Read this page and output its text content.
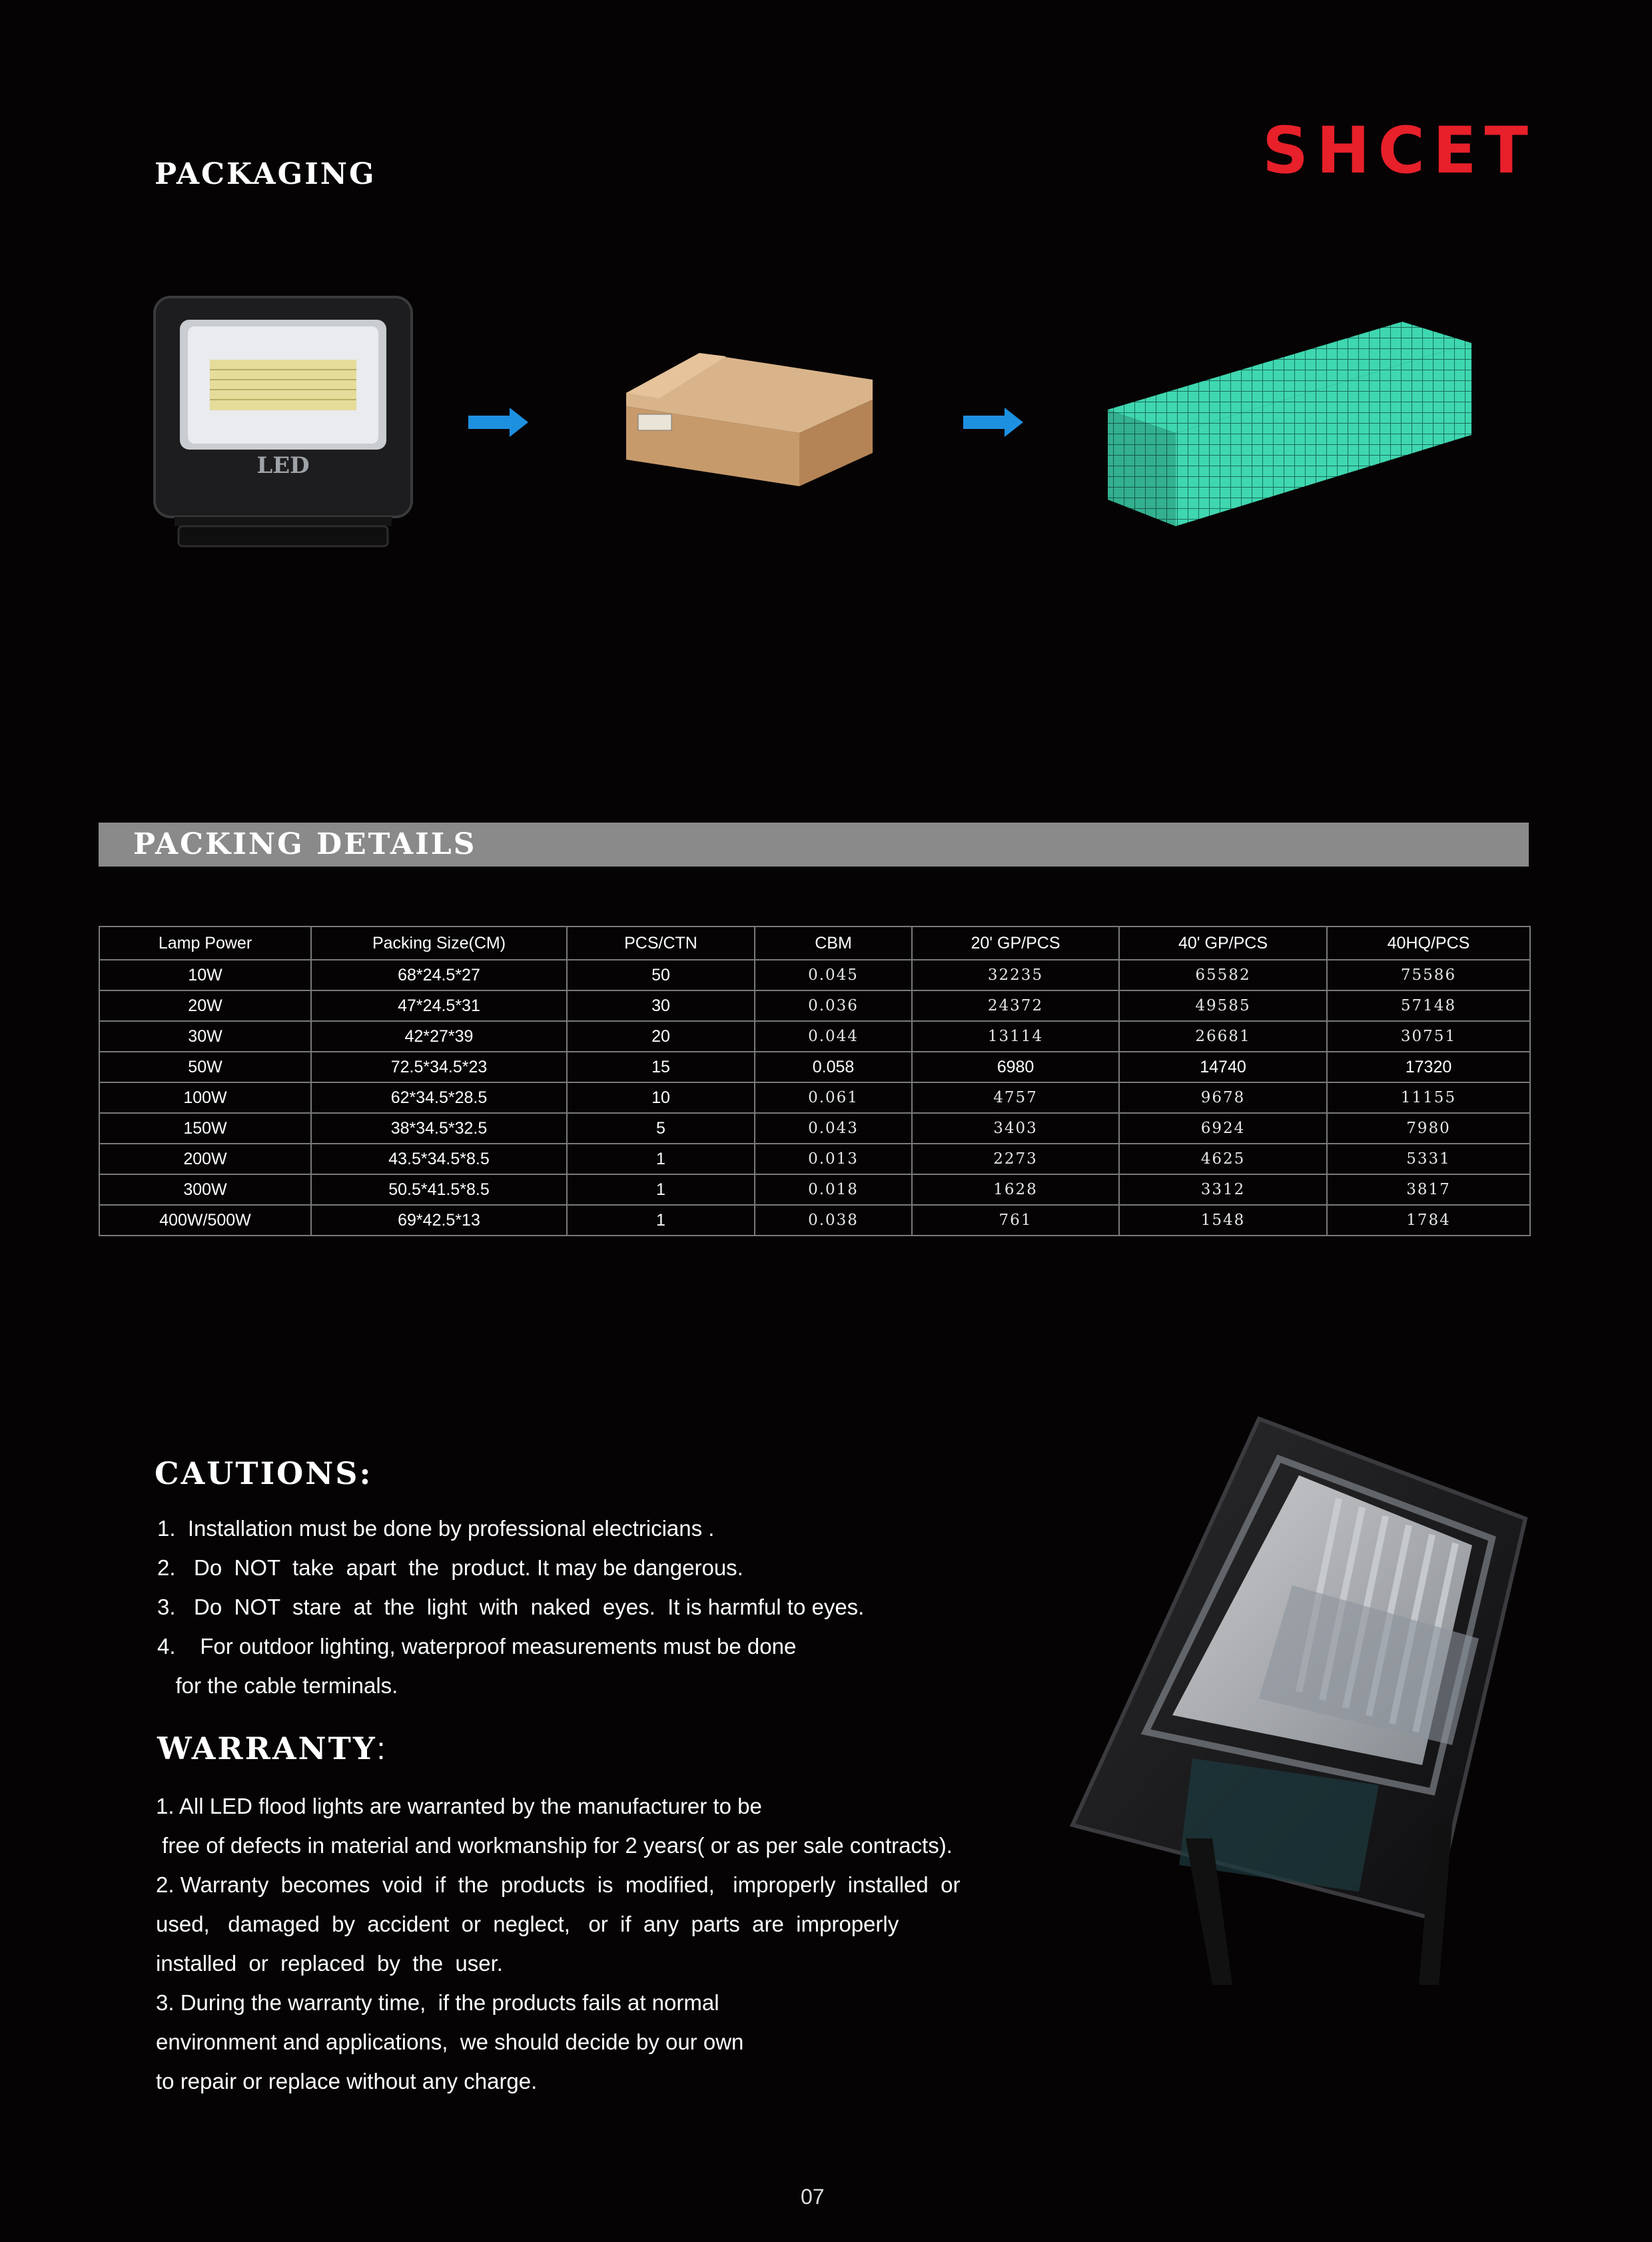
SHCET
PACKAGING
LED
PACKING DETAILS
Lamp Power	Packing Size(CM)	PCS/CTN	CBM	20' GP/PCS	40' GP/PCS	40HQ/PCS
10W	68*24.5*27	50	0.045	32235	65582	75586
20W	47*24.5*31	30	0.036	24372	49585	57148
30W	42*27*39	20	0.044	13114	26681	30751
50W	72.5*34.5*23	15	0.058	6980	14740	17320
100W	62*34.5*28.5	10	0.061	4757	9678	11155
150W	38*34.5*32.5	5	0.043	3403	6924	7980
200W	43.5*34.5*8.5	1	0.013	2273	4625	5331
300W	50.5*41.5*8.5	1	0.018	1628	3312	3817
400W/500W	69*42.5*13	1	0.038	761	1548	1784
CAUTIONS:
1.  Installation must be done by professional electricians .
2.   Do  NOT  take  apart  the  product. It may be dangerous.
3.   Do  NOT  stare  at  the  light  with  naked  eyes.  It is harmful to eyes.
4.    For outdoor lighting, waterproof measurements must be done
for the cable terminals.
WARRANTY:
1. All LED flood lights are warranted by the manufacturer to be
free of defects in material and workmanship for 2 years( or as per sale contracts).
2. Warranty  becomes  void  if  the  products  is  modified,   improperly  installed  or
used,   damaged  by  accident  or  neglect,   or  if  any  parts  are  improperly
installed  or  replaced  by  the  user.
3. During the warranty time,  if the products fails at normal
environment and applications,  we should decide by our own
to repair or replace without any charge.
07
